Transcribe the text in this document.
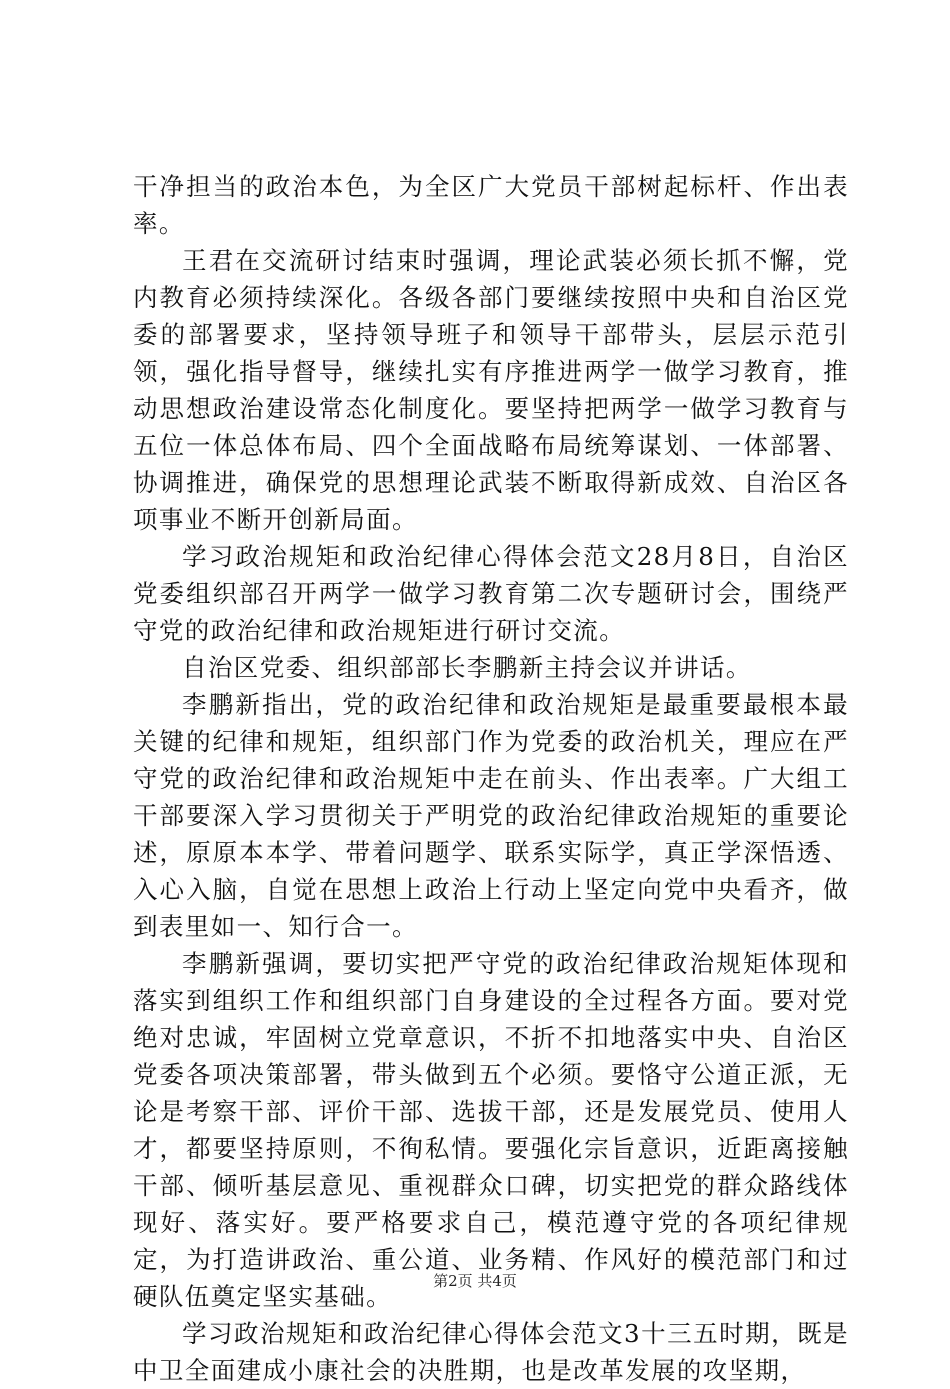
干净担当的政治本色，为全区广大党员干部树起标杆、作出表率。

王君在交流研讨结束时强调，理论武装必须长抓不懈，党内教育必须持续深化。各级各部门要继续按照中央和自治区党委的部署要求，坚持领导班子和领导干部带头，层层示范引领，强化指导督导，继续扎实有序推进两学一做学习教育，推动思想政治建设常态化制度化。要坚持把两学一做学习教育与五位一体总体布局、四个全面战略布局统筹谋划、一体部署、协调推进，确保党的思想理论武装不断取得新成效、自治区各项事业不断开创新局面。

学习政治规矩和政治纪律心得体会范文28月8日，自治区党委组织部召开两学一做学习教育第二次专题研讨会，围绕严守党的政治纪律和政治规矩进行研讨交流。

自治区党委、组织部部长李鹏新主持会议并讲话。

李鹏新指出，党的政治纪律和政治规矩是最重要最根本最关键的纪律和规矩，组织部门作为党委的政治机关，理应在严守党的政治纪律和政治规矩中走在前头、作出表率。广大组工干部要深入学习贯彻关于严明党的政治纪律政治规矩的重要论述，原原本本学、带着问题学、联系实际学，真正学深悟透、入心入脑，自觉在思想上政治上行动上坚定向党中央看齐，做到表里如一、知行合一。

李鹏新强调，要切实把严守党的政治纪律政治规矩体现和落实到组织工作和组织部门自身建设的全过程各方面。要对党绝对忠诚，牢固树立党章意识，不折不扣地落实中央、自治区党委各项决策部署，带头做到五个必须。要恪守公道正派，无论是考察干部、评价干部、选拔干部，还是发展党员、使用人才，都要坚持原则，不徇私情。要强化宗旨意识，近距离接触干部、倾听基层意见、重视群众口碑，切实把党的群众路线体现好、落实好。要严格要求自己，模范遵守党的各项纪律规定，为打造讲政治、重公道、业务精、作风好的模范部门和过硬队伍奠定坚实基础。

学习政治规矩和政治纪律心得体会范文3十三五时期，既是中卫全面建成小康社会的决胜期，也是改革发展的攻坚期，

第2页 共4页
